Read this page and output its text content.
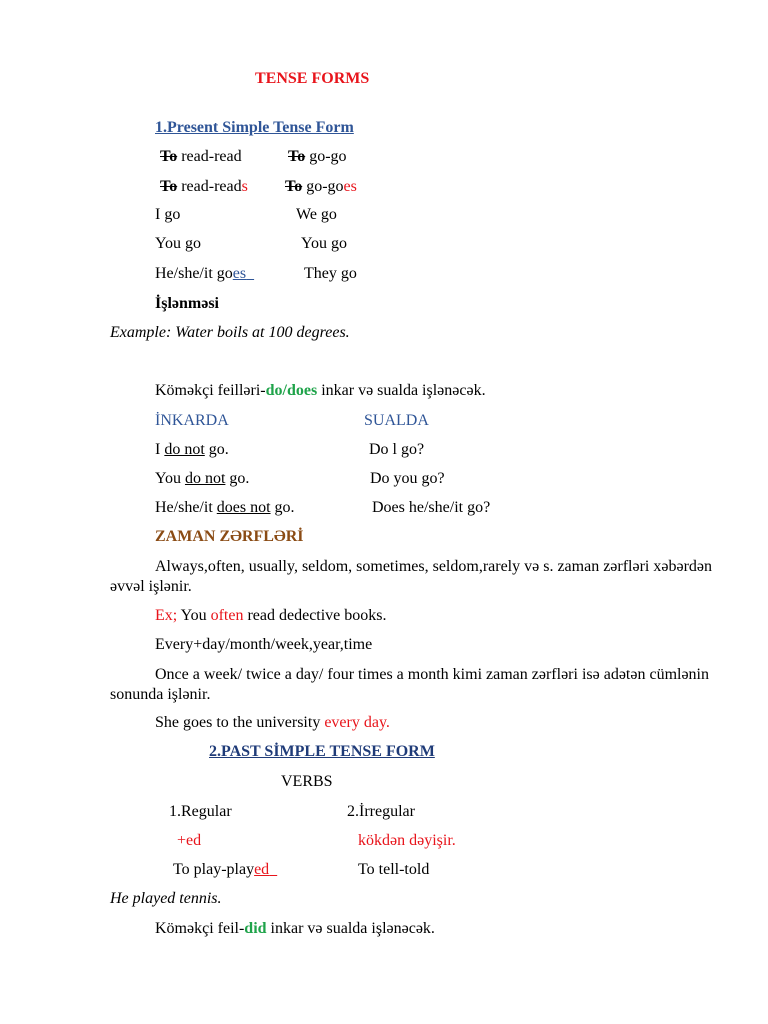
TENSE FORMS
1.Present Simple Tense Form
To read-read	To go-go
To read-reads To go-goes
I go	We go
You go	You go
He/she/it goes	They go
İşlənməsi
Example: Water boils at 100 degrees.
Köməkçi feilləri-do/does inkar və sualda işlənəcək.
İNKARDA	SUALDA
I do not go.	Do l go?
You do not go.	Do you go?
He/she/it does not go.	Does he/she/it go?
ZAMAN ZƏRFLƏRİ
Always,often, usually, seldom, sometimes, seldom,rarely və s. zaman zərfləri xəbərdən əvvəl işlənir.
Ex; You often read dedective books.
Every+day/month/week,year,time
Once a week/ twice a day/ four times a month kimi zaman zərfləri isə adətən cümlənin sonunda işlənir.
She goes to the university every day.
2.PAST SİMPLE TENSE FORM
VERBS
1.Regular	2.İrregular
+ed	kökdən dəyişir.
To play-played	To tell-told
He played tennis.
Köməkçi feil-did inkar və sualda işlənəcək.
